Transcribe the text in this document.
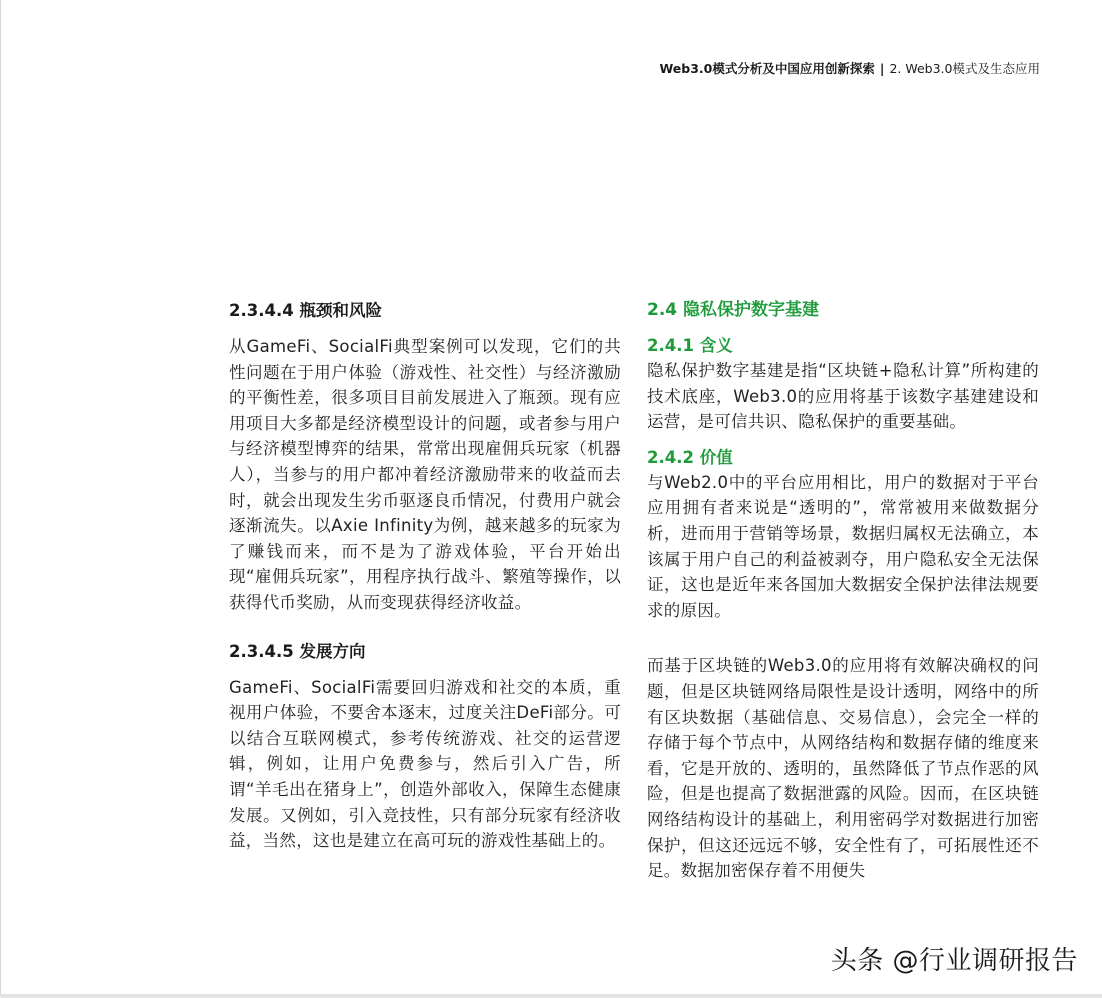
Web3.0模式分析及中国应用创新探索 | 2. Web3.0模式及生态应用
2.3.4.4 瓶颈和风险

从GameFi、SocialFi典型案例可以发现，它们的共性问题在于用户体验（游戏性、社交性）与经济激励的平衡性差，很多项目目前发展进入了瓶颈。现有应用项目大多都是经济模型设计的问题，或者参与用户与经济模型博弈的结果，常常出现雇佣兵玩家（机器人），当参与的用户都冲着经济激励带来的收益而去时，就会出现发生劣币驱逐良币情况，付费用户就会逐渐流失。以Axie Infinity为例，越来越多的玩家为了赚钱而来，而不是为了游戏体验，平台开始出现“雇佣兵玩家”，用程序执行战斗、繁殖等操作，以获得代币奖励，从而变现获得经济收益。

2.3.4.5 发展方向

GameFi、SocialFi需要回归游戏和社交的本质，重视用户体验，不要舍本逐末，过度关注DeFi部分。可以结合互联网模式，参考传统游戏、社交的运营逻辑，例如，让用户免费参与，然后引入广告，所谓“羊毛出在猪身上”，创造外部收入，保障生态健康发展。又例如，引入竞技性，只有部分玩家有经济收益，当然，这也是建立在高可玩的游戏性基础上的。

2.4 隐私保护数字基建
2.4.1 含义

隐私保护数字基建是指“区块链+隐私计算”所构建的技术底座，Web3.0的应用将基于该数字基建建设和运营，是可信共识、隐私保护的重要基础。

2.4.2 价值

与Web2.0中的平台应用相比，用户的数据对于平台应用拥有者来说是“透明的”，常常被用来做数据分析，进而用于营销等场景，数据归属权无法确立，本该属于用户自己的利益被剥夺，用户隐私安全无法保证，这也是近年来各国加大数据安全保护法律法规要求的原因。

而基于区块链的Web3.0的应用将有效解决确权的问题，但是区块链网络局限性是设计透明，网络中的所有区块数据（基础信息、交易信息），会完全一样的存储于每个节点中，从网络结构和数据存储的维度来看，它是开放的、透明的，虽然降低了节点作恶的风险，但是也提高了数据泄露的风险。因而，在区块链网络结构设计的基础上，利用密码学对数据进行加密保护，但这还远远不够，安全性有了，可拓展性还不足。数据加密保存着不用便失

头条 @行业调研报告
